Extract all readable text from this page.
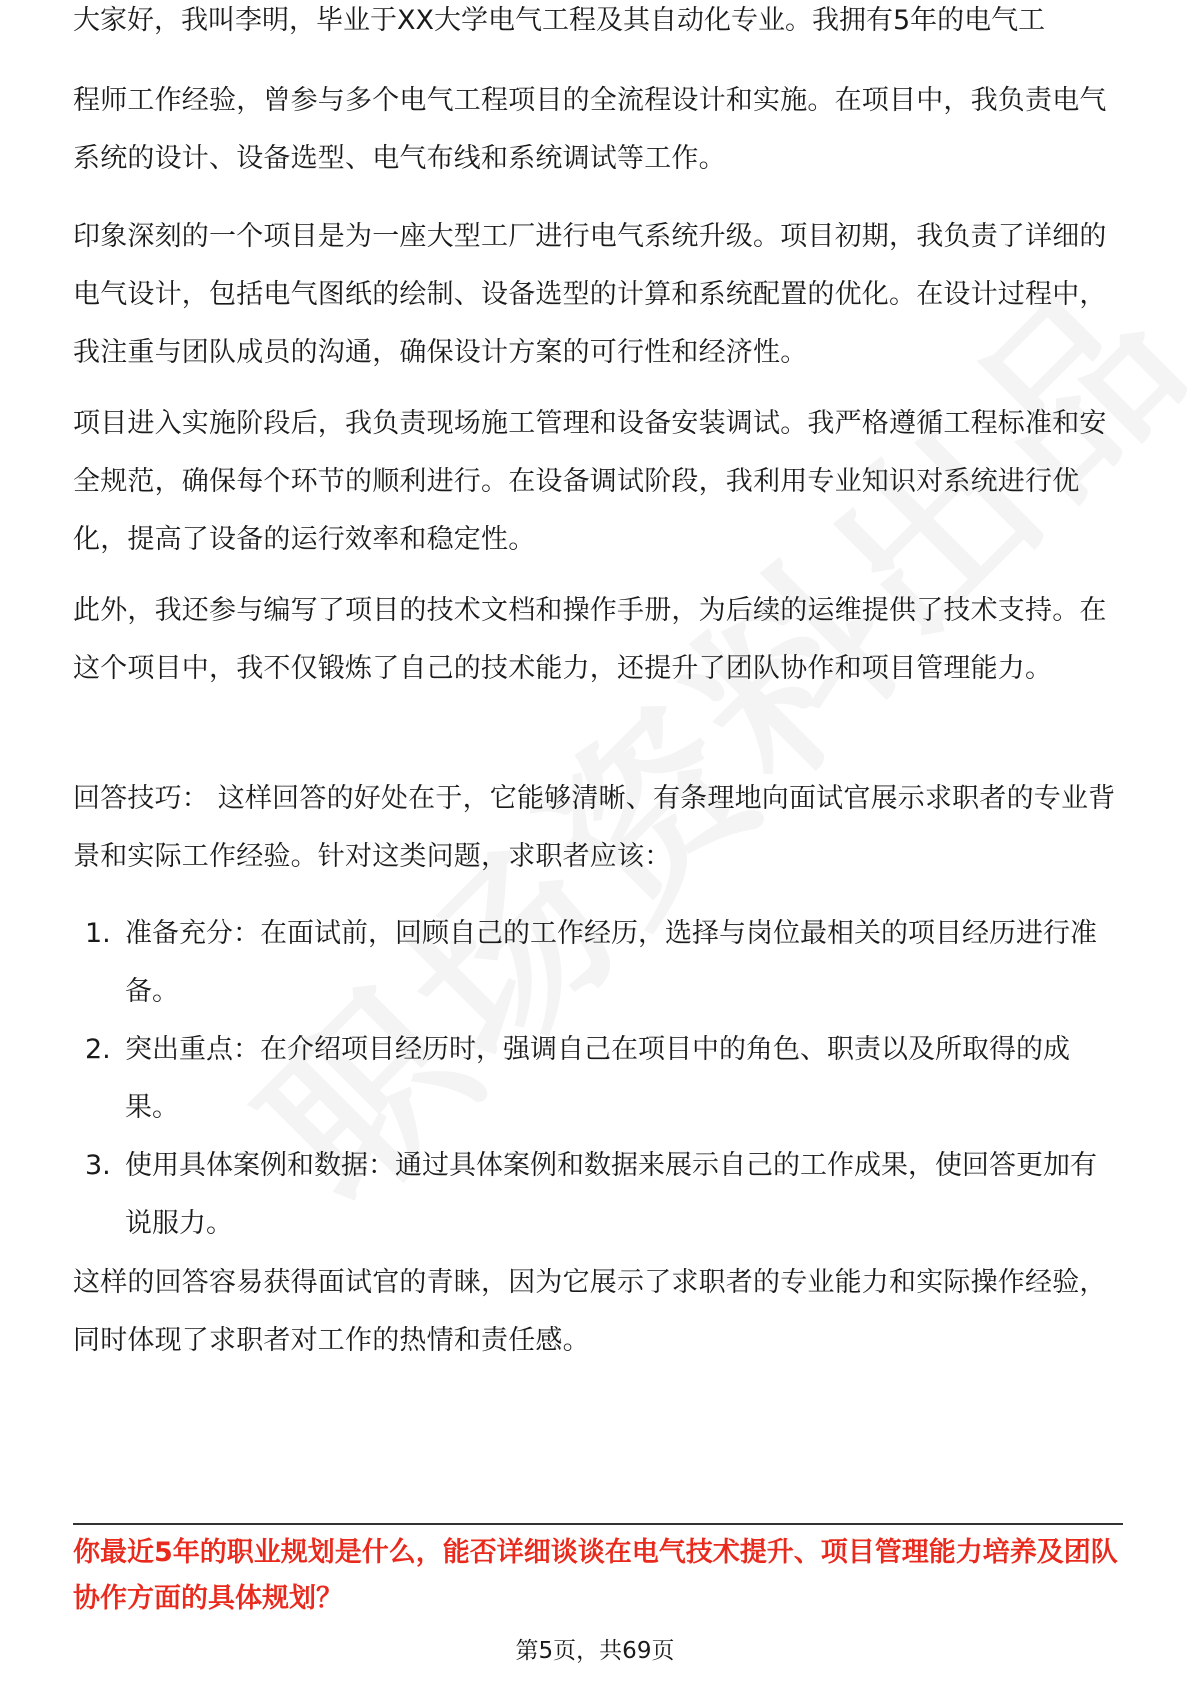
大家好，我叫李明，毕业于XX大学电气工程及其自动化专业。我拥有5年的电气工

程师工作经验，曾参与多个电气工程项目的全流程设计和实施。在项目中，我负责电气系统的设计、设备选型、电气布线和系统调试等工作。

印象深刻的一个项目是为一座大型工厂进行电气系统升级。项目初期，我负责了详细的电气设计，包括电气图纸的绘制、设备选型的计算和系统配置的优化。在设计过程中，我注重与团队成员的沟通，确保设计方案的可行性和经济性。

项目进入实施阶段后，我负责现场施工管理和设备安装调试。我严格遵循工程标准和安全规范，确保每个环节的顺利进行。在设备调试阶段，我利用专业知识对系统进行优化，提高了设备的运行效率和稳定性。

此外，我还参与编写了项目的技术文档和操作手册，为后续的运维提供了技术支持。在这个项目中，我不仅锻炼了自己的技术能力，还提升了团队协作和项目管理能力。

回答技巧： 这样回答的好处在于，它能够清晰、有条理地向面试官展示求职者的专业背景和实际工作经验。针对这类问题，求职者应该：

1. 准备充分：在面试前，回顾自己的工作经历，选择与岗位最相关的项目经历进行准备。
2. 突出重点：在介绍项目经历时，强调自己在项目中的角色、职责以及所取得的成果。
3. 使用具体案例和数据：通过具体案例和数据来展示自己的工作成果，使回答更加有说服力。

这样的回答容易获得面试官的青睐，因为它展示了求职者的专业能力和实际操作经验，同时体现了求职者对工作的热情和责任感。

你最近5年的职业规划是什么，能否详细谈谈在电气技术提升、项目管理能力培养及团队协作方面的具体规划？
第5页，共69页
